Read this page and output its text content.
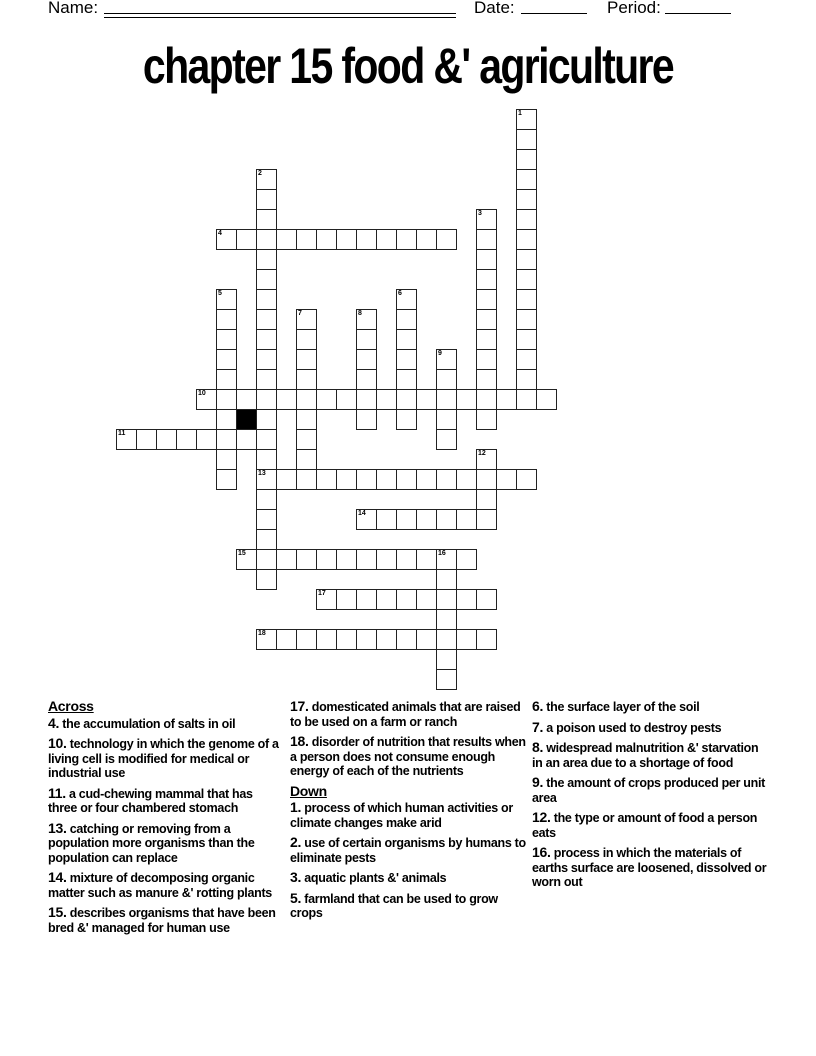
Name:	Date:	Period:
chapter 15 food &' agriculture
1
2
13
3
4
5	6
7	8
9
10
11
12
14
15	16
17
18
Across
4. the accumulation of salts in oil
10. technology in which the genome of a living cell is modified for medical or industrial use
11. a cud-chewing mammal that has three or four chambered stomach
13. catching or removing from a population more organisms than the population can replace
14. mixture of decomposing organic matter such as manure &' rotting plants
15. describes organisms that have been bred &' managed for human use
17. domesticated animals that are raised to be used on a farm or ranch
18. disorder of nutrition that results when a person does not consume enough energy of each of the nutrients
Down
1. process of which human activities or climate changes make arid
2. use of certain organisms by humans to eliminate pests
3. aquatic plants &' animals
5. farmland that can be used to grow crops
6. the surface layer of the soil
7. a poison used to destroy pests
8. widespread malnutrition &' starvation in an area due to a shortage of food
9. the amount of crops produced per unit area
12. the type or amount of food a person eats
16. process in which the materials of earths surface are loosened, dissolved or worn out
